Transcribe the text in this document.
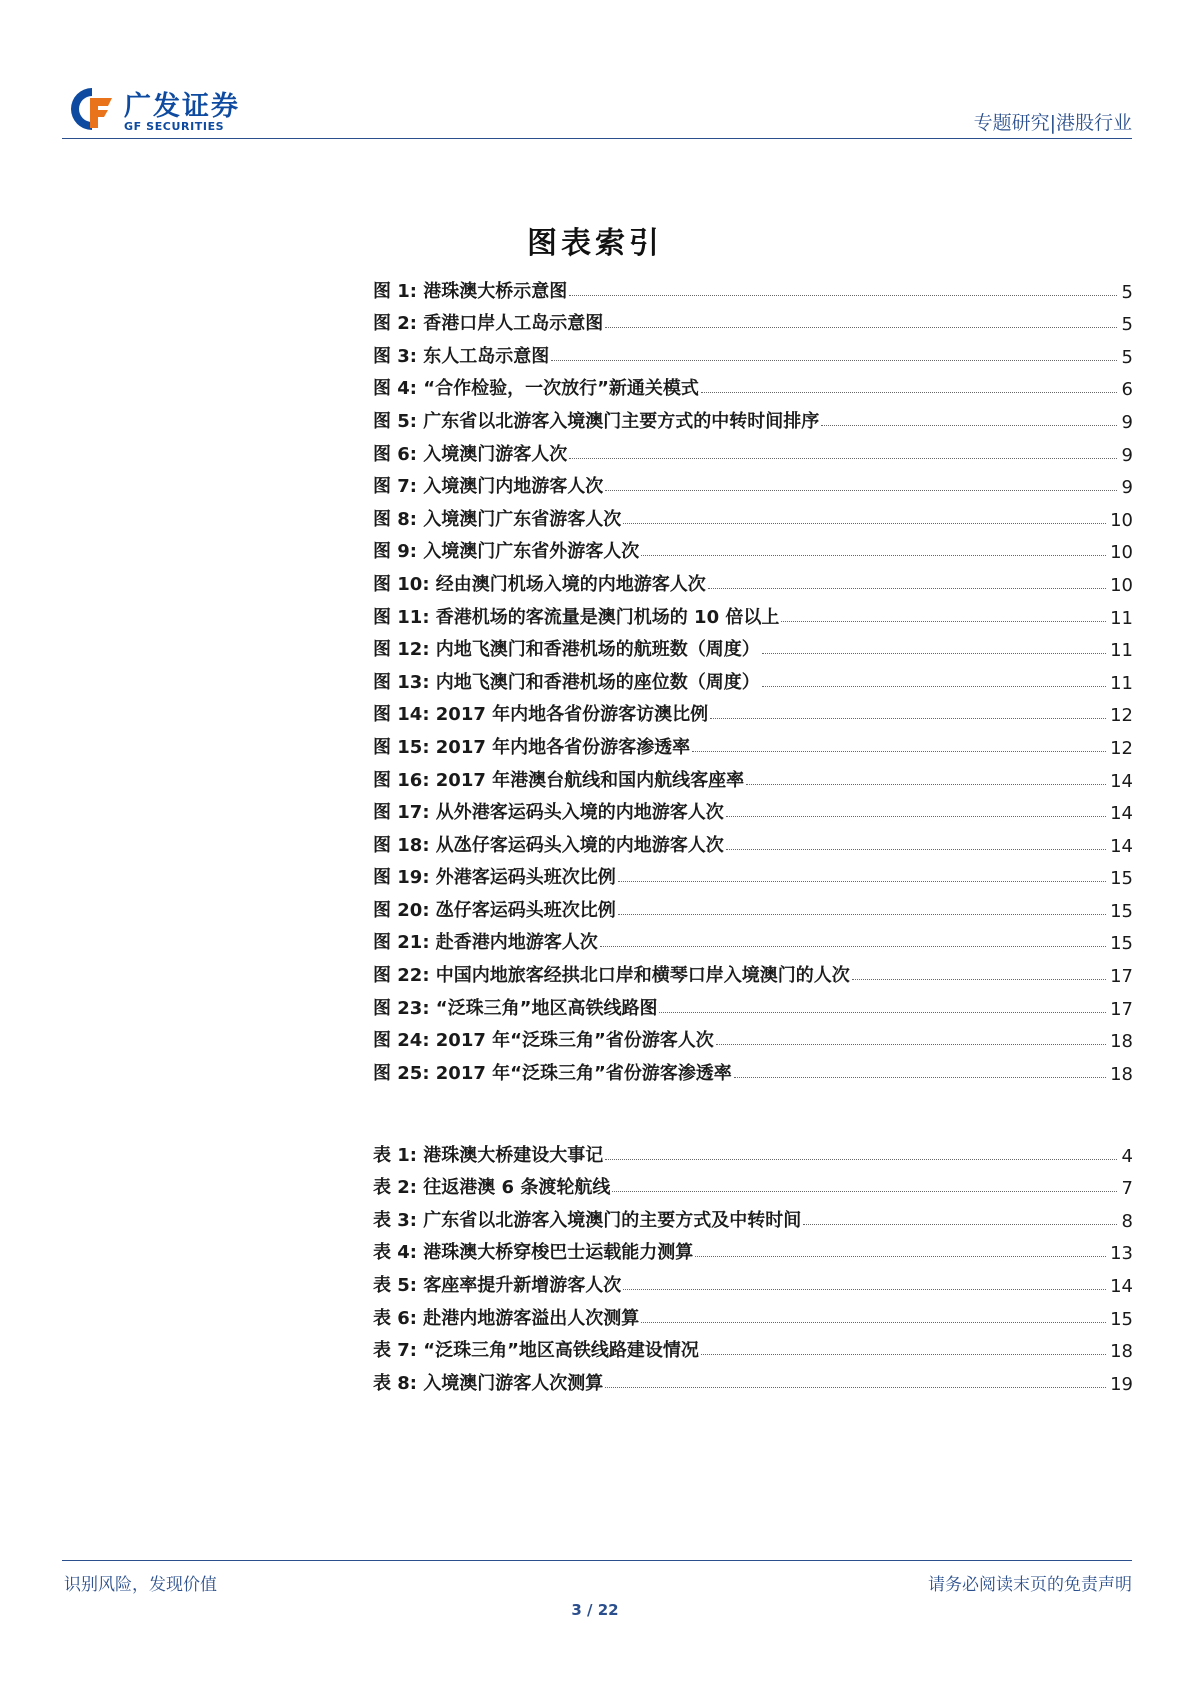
广发证券
GF SECURITIES	专题研究|港股行业
图表索引
图 1: 港珠澳大桥示意图	5
图 2: 香港口岸人工岛示意图	5
图 3: 东人工岛示意图	5
图 4: “合作检验，一次放行”新通关模式	6
图 5: 广东省以北游客入境澳门主要方式的中转时间排序	9
图 6: 入境澳门游客人次	9
图 7: 入境澳门内地游客人次	9
图 8: 入境澳门广东省游客人次	10
图 9: 入境澳门广东省外游客人次	10
图 10: 经由澳门机场入境的内地游客人次	10
图 11: 香港机场的客流量是澳门机场的 10 倍以上	11
图 12: 内地飞澳门和香港机场的航班数（周度）	11
图 13: 内地飞澳门和香港机场的座位数（周度）	11
图 14: 2017 年内地各省份游客访澳比例	12
图 15: 2017 年内地各省份游客渗透率	12
图 16: 2017 年港澳台航线和国内航线客座率	14
图 17: 从外港客运码头入境的内地游客人次	14
图 18: 从氹仔客运码头入境的内地游客人次	14
图 19: 外港客运码头班次比例	15
图 20: 氹仔客运码头班次比例	15
图 21: 赴香港内地游客人次	15
图 22: 中国内地旅客经拱北口岸和横琴口岸入境澳门的人次	17
图 23: “泛珠三角”地区高铁线路图	17
图 24: 2017 年“泛珠三角”省份游客人次	18
图 25: 2017 年“泛珠三角”省份游客渗透率	18
表 1: 港珠澳大桥建设大事记	4
表 2: 往返港澳 6 条渡轮航线	7
表 3: 广东省以北游客入境澳门的主要方式及中转时间	8
表 4: 港珠澳大桥穿梭巴士运载能力测算	13
表 5: 客座率提升新增游客人次	14
表 6: 赴港内地游客溢出人次测算	15
表 7: “泛珠三角”地区高铁线路建设情况	18
表 8: 入境澳门游客人次测算	19
识别风险，发现价值	请务必阅读末页的免责声明
3 / 22
